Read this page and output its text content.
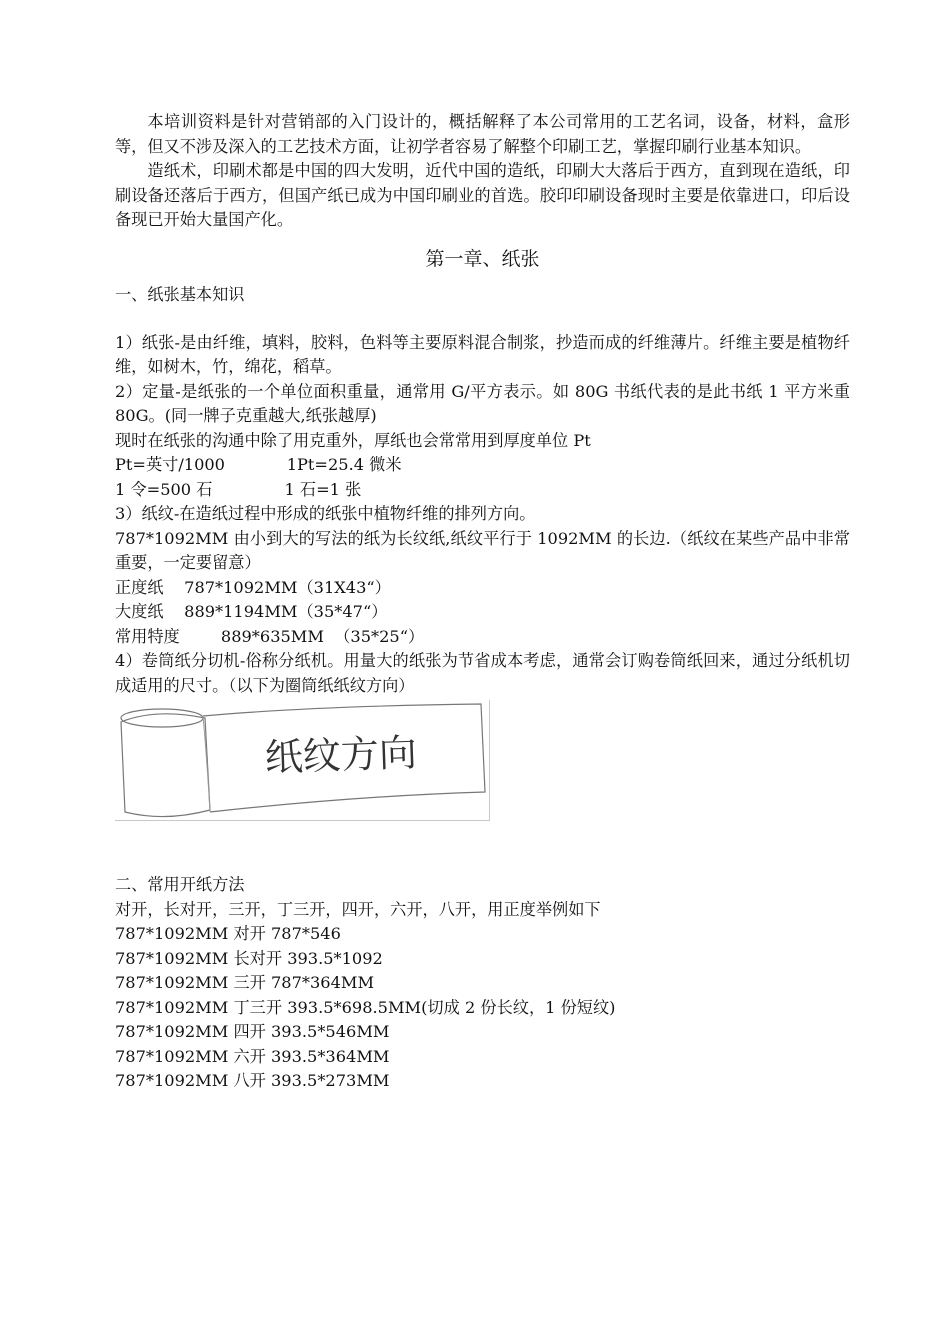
本培训资料是针对营销部的入门设计的，概括解释了本公司常用的工艺名词，设备，材料，盒形等，但又不涉及深入的工艺技术方面，让初学者容易了解整个印刷工艺，掌握印刷行业基本知识。

造纸术，印刷术都是中国的四大发明，近代中国的造纸，印刷大大落后于西方，直到现在造纸，印刷设备还落后于西方，但国产纸已成为中国印刷业的首选。胶印印刷设备现时主要是依靠进口，印后设备现已开始大量国产化。

第一章、纸张
一、纸张基本知识

1）纸张-是由纤维，填料，胶料，色料等主要原料混合制浆，抄造而成的纤维薄片。纤维主要是植物纤维，如树木，竹，绵花，稻草。

2）定量-是纸张的一个单位面积重量，通常用 G/平方表示。如 80G 书纸代表的是此书纸 1 平方米重 80G。(同一牌子克重越大,纸张越厚)

现时在纸张的沟通中除了用克重外，厚纸也会常常用到厚度单位 Pt

Pt=英寸/1000            1Pt=25.4 微米

1 令=500 石              1 石=1 张

3）纸纹-在造纸过程中形成的纸张中植物纤维的排列方向。

787*1092MM 由小到大的写法的纸为长纹纸,纸纹平行于 1092MM 的长边.（纸纹在某些产品中非常重要，一定要留意）

正度纸    787*1092MM（31X43“）

大度纸    889*1194MM（35*47“）

常用特度        889*635MM  （35*25“）

4）卷筒纸分切机-俗称分纸机。用量大的纸张为节省成本考虑，通常会订购卷筒纸回来，通过分纸机切成适用的尺寸。（以下为圈筒纸纸纹方向）

纸纹方向
二、常用开纸方法
对开，长对开，三开，丁三开，四开，六开，八开，用正度举例如下
787*1092MM 对开 787*546
787*1092MM 长对开 393.5*1092
787*1092MM 三开 787*364MM
787*1092MM 丁三开 393.5*698.5MM(切成 2 份长纹，1 份短纹)
787*1092MM 四开 393.5*546MM
787*1092MM 六开 393.5*364MM
787*1092MM 八开 393.5*273MM
